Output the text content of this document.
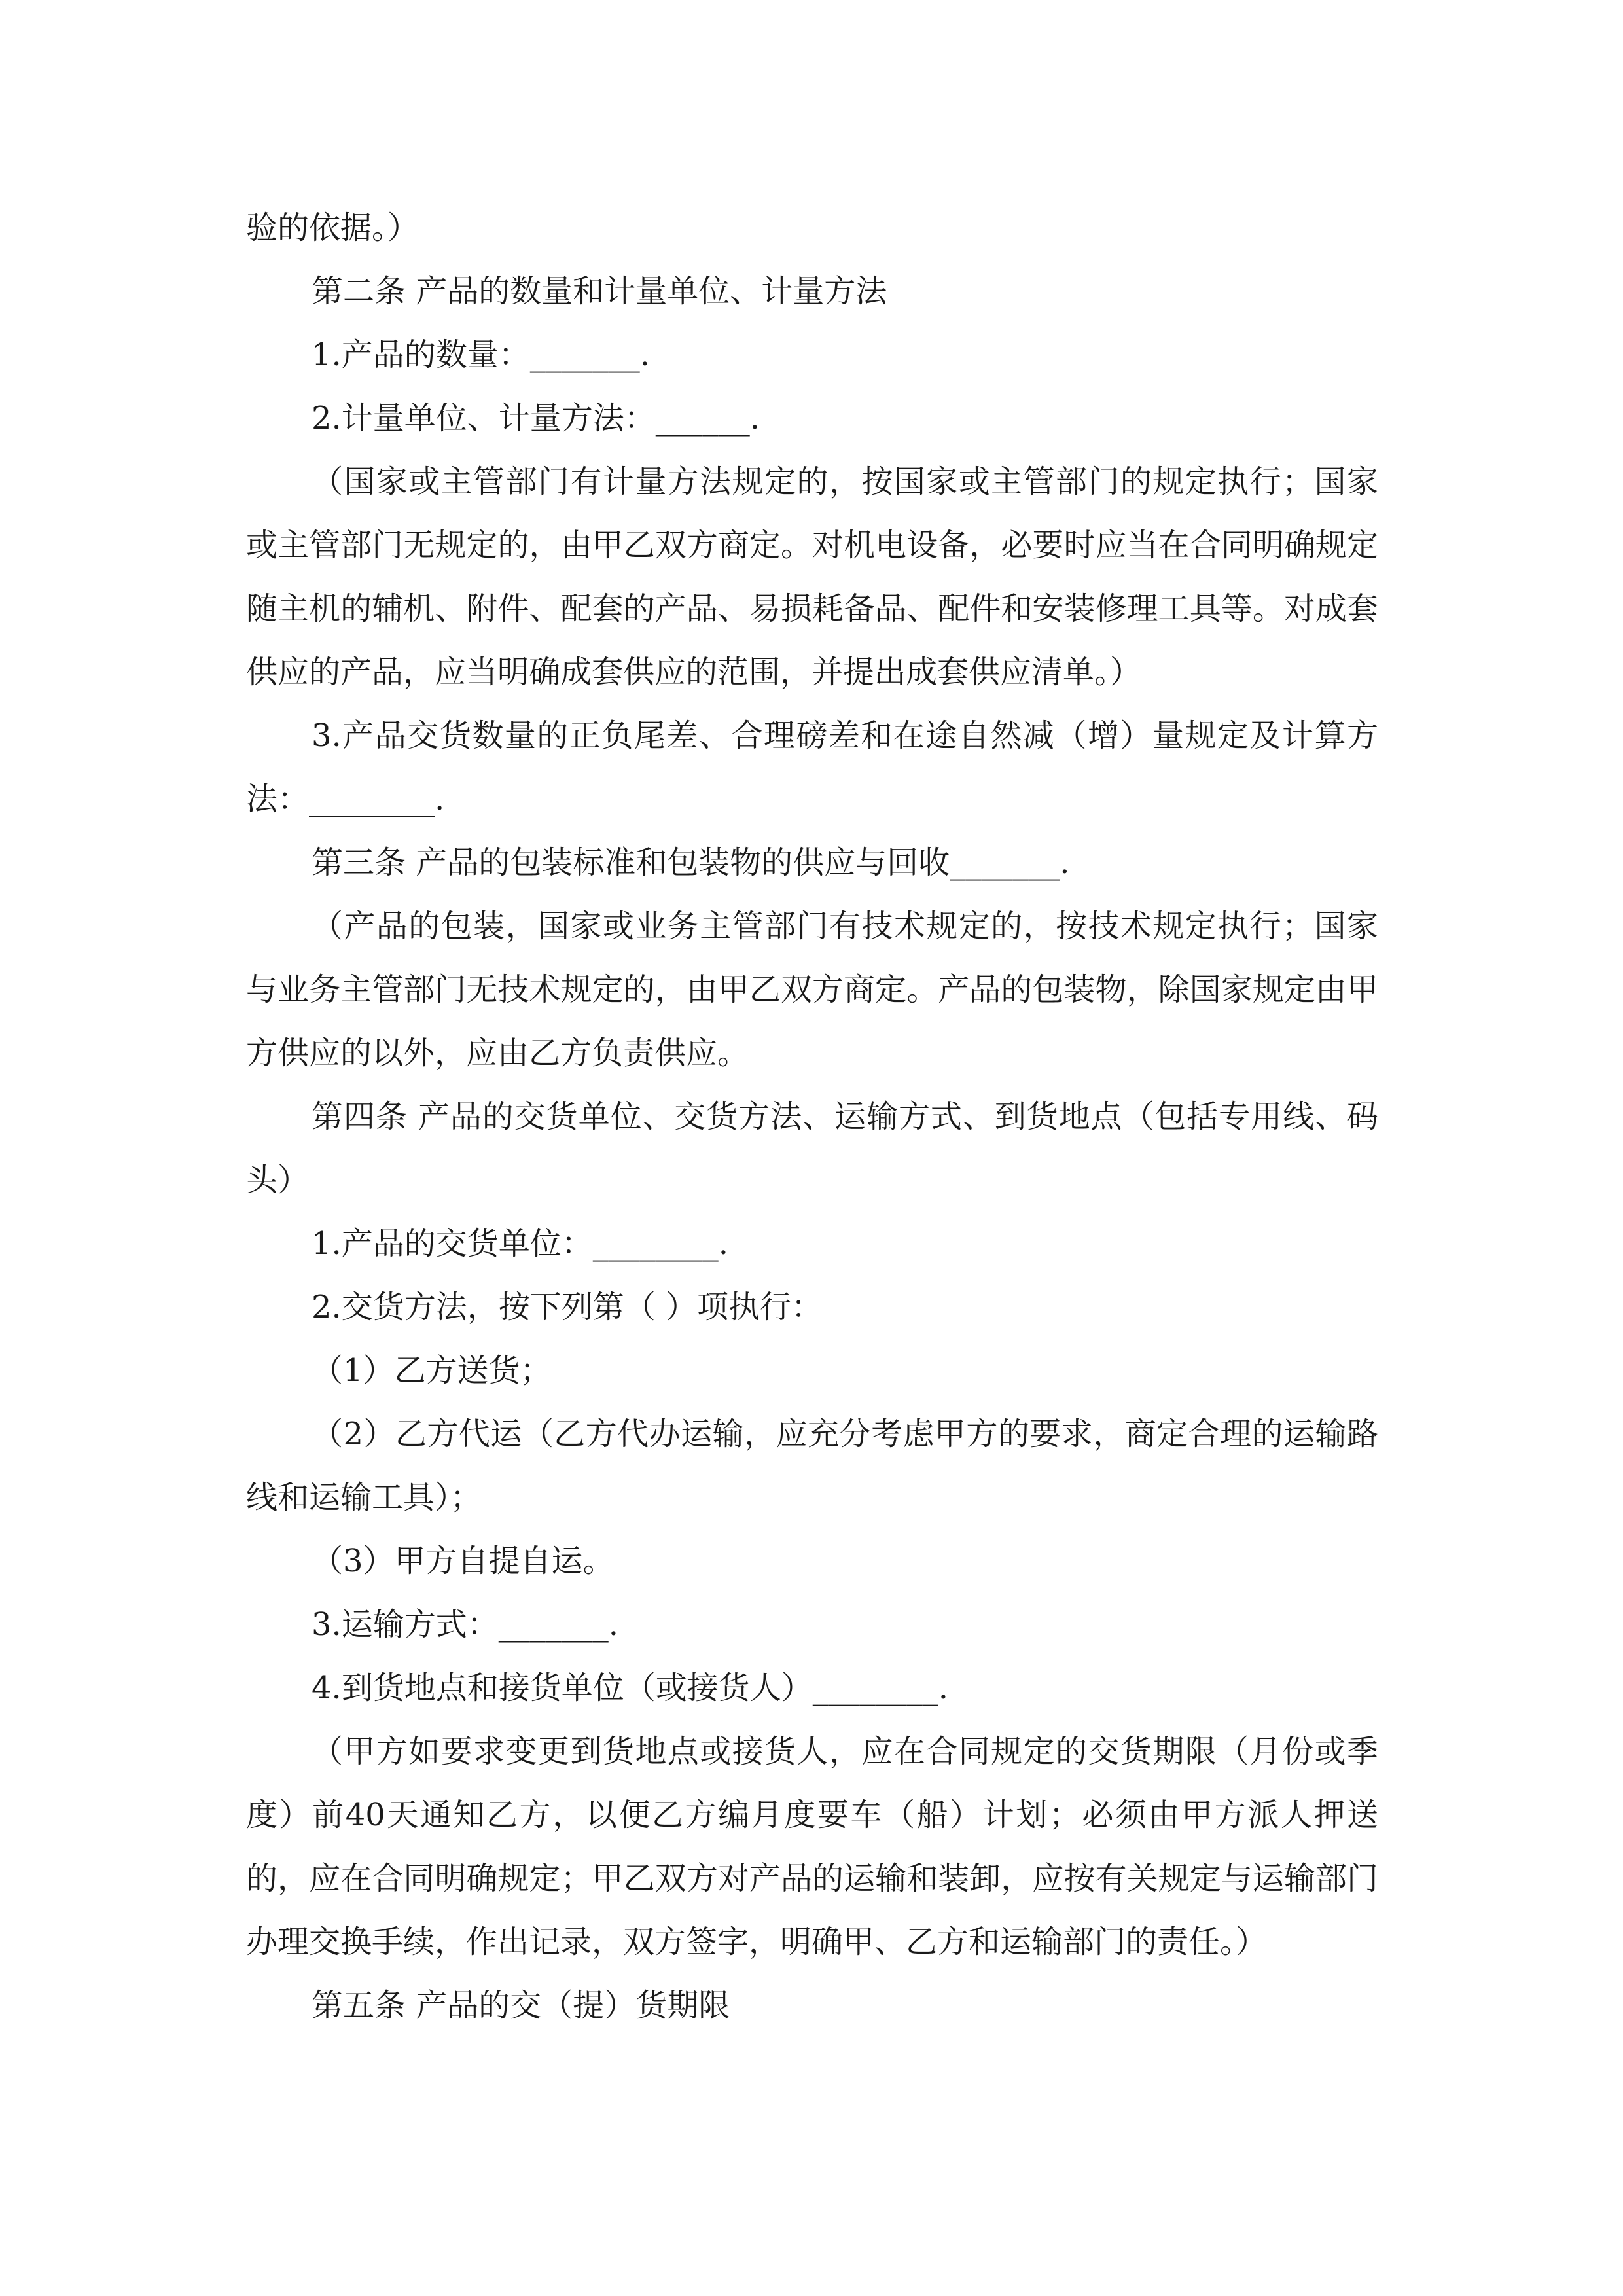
验的依据。）

第二条 产品的数量和计量单位、计量方法

1.产品的数量：_______.

2.计量单位、计量方法：______.

（国家或主管部门有计量方法规定的，按国家或主管部门的规定执行；国家或主管部门无规定的，由甲乙双方商定。对机电设备，必要时应当在合同明确规定随主机的辅机、附件、配套的产品、易损耗备品、配件和安装修理工具等。对成套供应的产品，应当明确成套供应的范围，并提出成套供应清单。）

3.产品交货数量的正负尾差、合理磅差和在途自然减（增）量规定及计算方法：________.

第三条 产品的包装标准和包装物的供应与回收_______.

（产品的包装，国家或业务主管部门有技术规定的，按技术规定执行；国家与业务主管部门无技术规定的，由甲乙双方商定。产品的包装物，除国家规定由甲方供应的以外，应由乙方负责供应。

第四条 产品的交货单位、交货方法、运输方式、到货地点（包括专用线、码头）

1.产品的交货单位：________.

2.交货方法，按下列第（ ）项执行：

（1）乙方送货；

（2）乙方代运（乙方代办运输，应充分考虑甲方的要求，商定合理的运输路线和运输工具）；

（3）甲方自提自运。

3.运输方式：_______.

4.到货地点和接货单位（或接货人）________.

（甲方如要求变更到货地点或接货人，应在合同规定的交货期限（月份或季度）前40天通知乙方，以便乙方编月度要车（船）计划；必须由甲方派人押送的，应在合同明确规定；甲乙双方对产品的运输和装卸，应按有关规定与运输部门办理交换手续，作出记录，双方签字，明确甲、乙方和运输部门的责任。）

第五条 产品的交（提）货期限
